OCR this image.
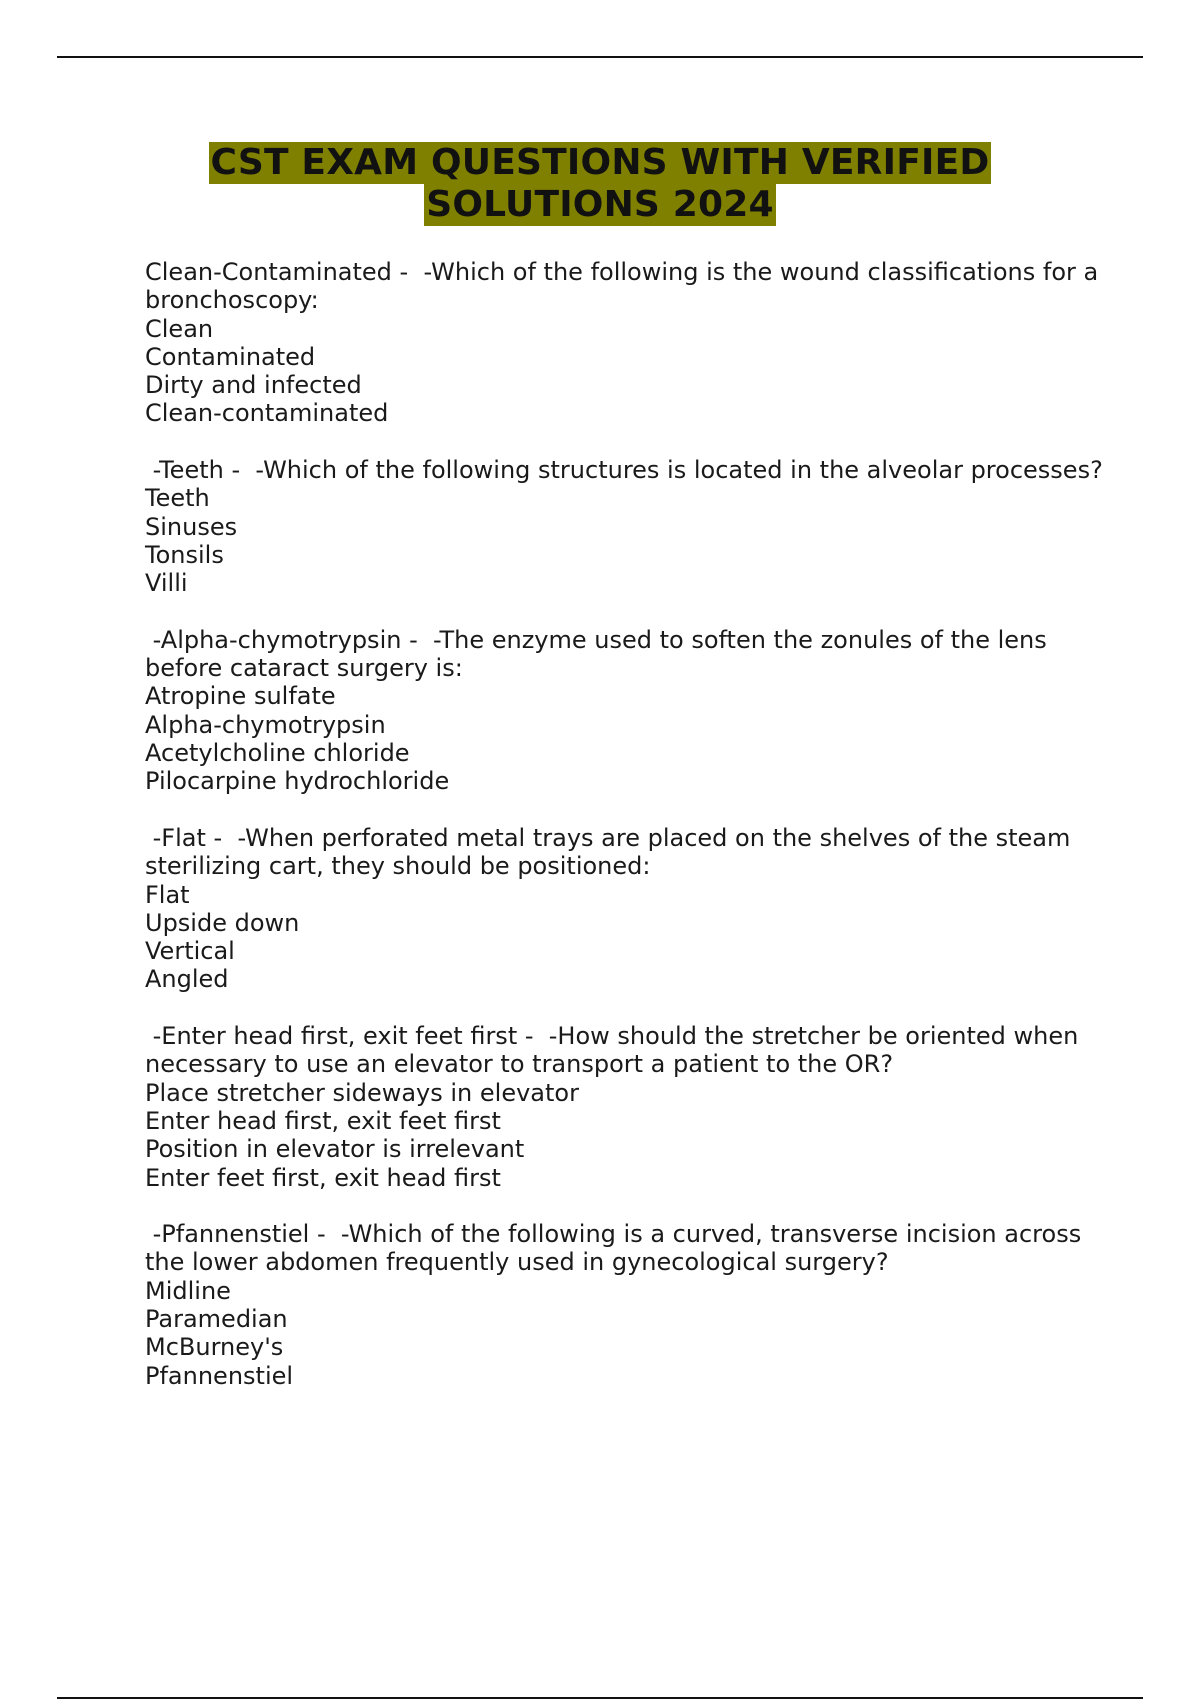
CST EXAM QUESTIONS WITH VERIFIED
SOLUTIONS 2024
Clean-Contaminated -  -Which of the following is the wound classifications for a bronchoscopy:
Clean
Contaminated
Dirty and infected
Clean-contaminated
-Teeth -  -Which of the following structures is located in the alveolar processes?
Teeth
Sinuses
Tonsils
Villi
-Alpha-chymotrypsin -  -The enzyme used to soften the zonules of the lens before cataract surgery is:
Atropine sulfate
Alpha-chymotrypsin
Acetylcholine chloride
Pilocarpine hydrochloride
-Flat -  -When perforated metal trays are placed on the shelves of the steam sterilizing cart, they should be positioned:
Flat
Upside down
Vertical
Angled
-Enter head first, exit feet first -  -How should the stretcher be oriented when necessary to use an elevator to transport a patient to the OR?
Place stretcher sideways in elevator
Enter head first, exit feet first
Position in elevator is irrelevant
Enter feet first, exit head first
-Pfannenstiel -  -Which of the following is a curved, transverse incision across the lower abdomen frequently used in gynecological surgery?
Midline
Paramedian
McBurney's
Pfannenstiel
